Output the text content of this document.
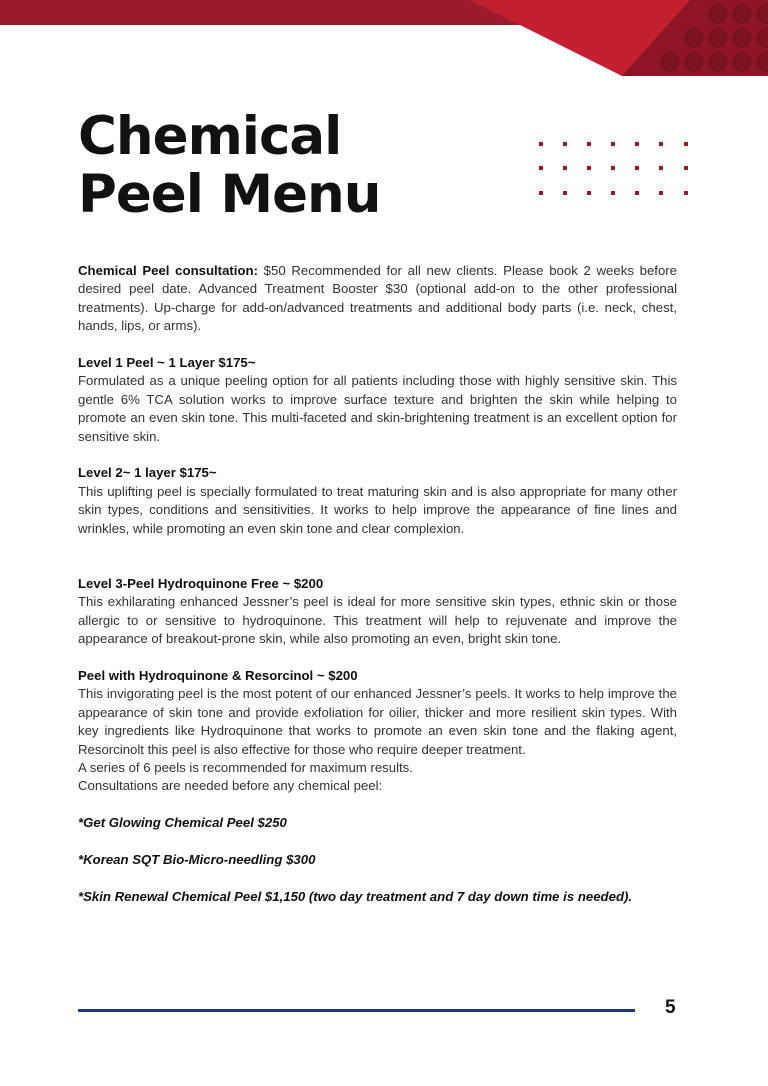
Chemical
Peel Menu

Chemical Peel consultation: $50 Recommended for all new clients. Please book 2 weeks before desired peel date. Advanced Treatment Booster $30 (optional add-on to the other professional treatments). Up-charge for add-on/advanced treatments and additional body parts (i.e. neck, chest, hands, lips, or arms).

Level 1 Peel ~ 1 Layer $175~

Formulated as a unique peeling option for all patients including those with highly sensitive skin. This gentle 6% TCA solution works to improve surface texture and brighten the skin while helping to promote an even skin tone. This multi-faceted and skin-brightening treatment is an excellent option for sensitive skin.

Level 2~ 1 layer $175~

This uplifting peel is specially formulated to treat maturing skin and is also appropriate for many other skin types, conditions and sensitivities. It works to help improve the appearance of fine lines and wrinkles, while promoting an even skin tone and clear complexion.

Level 3-Peel Hydroquinone Free ~ $200

This exhilarating enhanced Jessner’s peel is ideal for more sensitive skin types, ethnic skin or those allergic to or sensitive to hydroquinone. This treatment will help to rejuvenate and improve the appearance of breakout-prone skin, while also promoting an even, bright skin tone.

Peel with Hydroquinone & Resorcinol ~ $200

This invigorating peel is the most potent of our enhanced Jessner’s peels. It works to help improve the appearance of skin tone and provide exfoliation for oilier, thicker and more resilient skin types. With key ingredients like Hydroquinone that works to promote an even skin tone and the flaking agent, Resorcinolt this peel is also effective for those who require deeper treatment.

A series of 6 peels is recommended for maximum results.

Consultations are needed before any chemical peel:

*Get Glowing Chemical Peel $250

*Korean SQT Bio-Micro-needling $300

*Skin Renewal Chemical Peel $1,150 (two day treatment and 7 day down time is needed).

5
